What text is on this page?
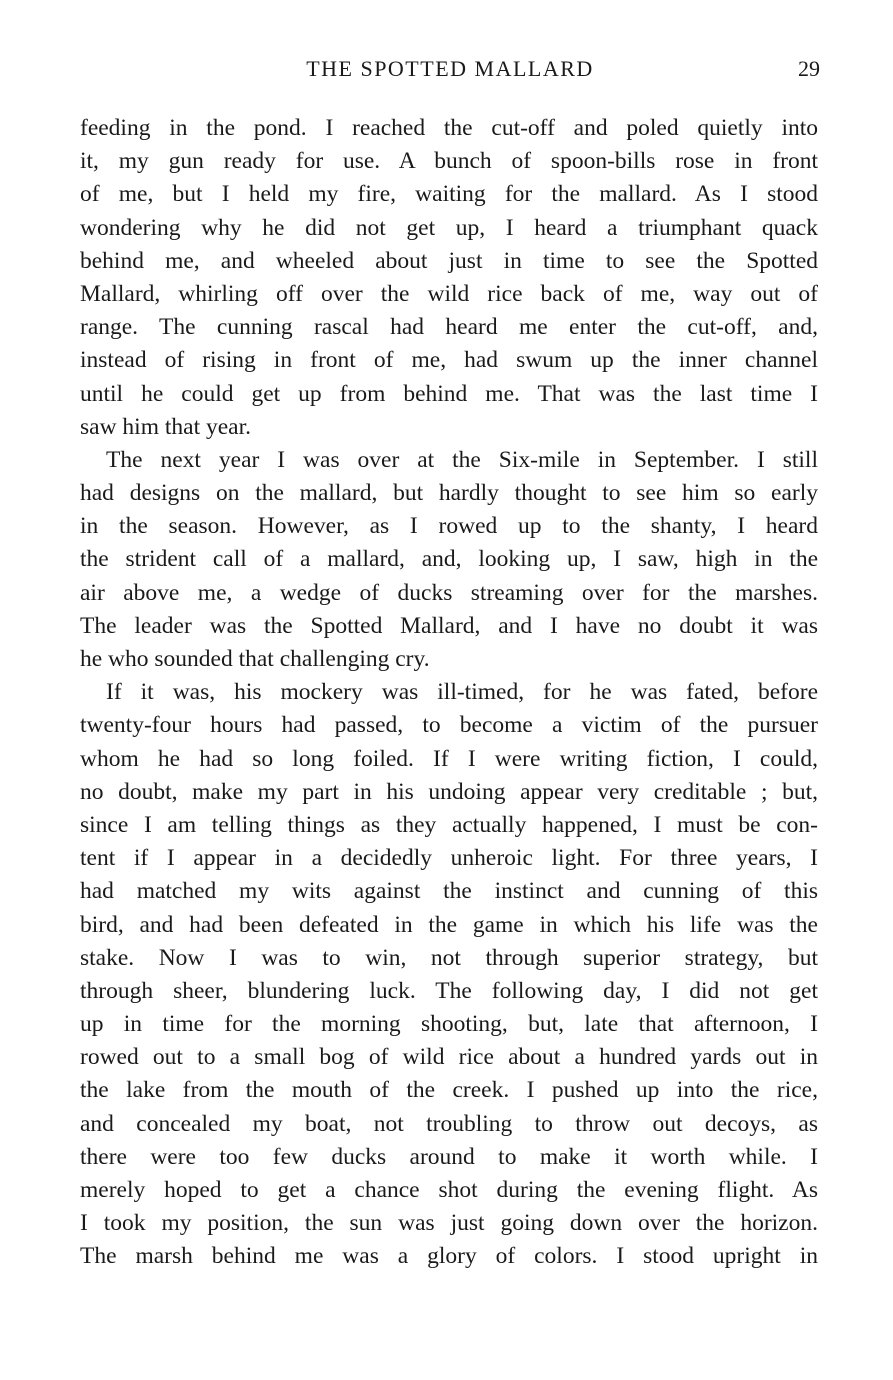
THE SPOTTED MALLARD	29
feeding in the pond. I reached the cut-off and poled quietly into
it, my gun ready for use. A bunch of spoon-bills rose in front
of me, but I held my fire, waiting for the mallard. As I stood
wondering why he did not get up, I heard a triumphant quack
behind me, and wheeled about just in time to see the Spotted
Mallard, whirling off over the wild rice back of me, way out of
range. The cunning rascal had heard me enter the cut-off, and,
instead of rising in front of me, had swum up the inner channel
until he could get up from behind me. That was the last time I
saw him that year.
The next year I was over at the Six-mile in September. I still
had designs on the mallard, but hardly thought to see him so early
in the season. However, as I rowed up to the shanty, I heard
the strident call of a mallard, and, looking up, I saw, high in the
air above me, a wedge of ducks streaming over for the marshes.
The leader was the Spotted Mallard, and I have no doubt it was
he who sounded that challenging cry.
If it was, his mockery was ill-timed, for he was fated, before
twenty-four hours had passed, to become a victim of the pursuer
whom he had so long foiled. If I were writing fiction, I could,
no doubt, make my part in his undoing appear very creditable ; but,
since I am telling things as they actually happened, I must be con-
tent if I appear in a decidedly unheroic light. For three years, I
had matched my wits against the instinct and cunning of this
bird, and had been defeated in the game in which his life was the
stake. Now I was to win, not through superior strategy, but
through sheer, blundering luck. The following day, I did not get
up in time for the morning shooting, but, late that afternoon, I
rowed out to a small bog of wild rice about a hundred yards out in
the lake from the mouth of the creek. I pushed up into the rice,
and concealed my boat, not troubling to throw out decoys, as
there were too few ducks around to make it worth while. I
merely hoped to get a chance shot during the evening flight. As
I took my position, the sun was just going down over the horizon.
The marsh behind me was a glory of colors. I stood upright in
